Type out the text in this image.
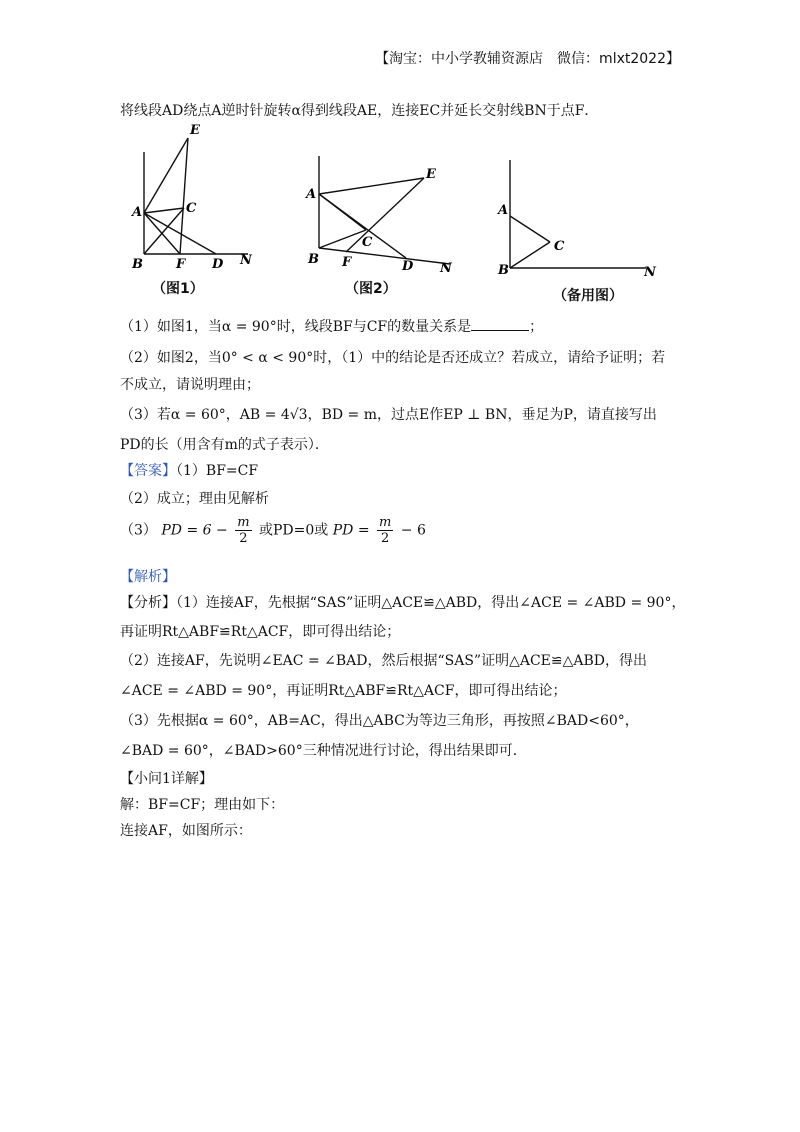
【淘宝：中小学教辅资源店　微信：mlxt2022】
将线段AD绕点A逆时针旋转α得到线段AE，连接EC并延长交射线BN于点F．
E
A	C
B	F D N
（图1）
E
A
C
B F	D N
（图2）
A
C
B	N
（备用图）
（1）如图1，当α = 90°时，线段BF与CF的数量关系是	；
（2）如图2，当0° < α < 90°时，（1）中的结论是否还成立？若成立，请给予证明；若
不成立，请说明理由；
（3）若α = 60°，AB = 4√3，BD = m，过点E作EP ⊥ BN，垂足为P，请直接写出
PD的长（用含有m的式子表示）．
【答案】（1）BF=CF
（2）成立；理由见解析
（3） PD = $6 - \frac{m}{2}$ 或PD=0或 PD = $\frac{m}{2} - 6$
【解析】
【分析】（1）连接AF，先根据“SAS”证明△ACE≌△ABD，得出∠ACE = ∠ABD = 90°，
再证明Rt△ABF≌Rt△ACF，即可得出结论；
（2）连接AF，先说明∠EAC = ∠BAD，然后根据“SAS”证明△ACE≌△ABD，得出
∠ACE = ∠ABD = 90°，再证明Rt△ABF≌Rt△ACF，即可得出结论；
（3）先根据α = 60°，AB=AC，得出△ABC为等边三角形，再按照∠BAD<60°，
∠BAD = 60°，∠BAD>60°三种情况进行讨论，得出结果即可．
【小问1详解】
解：BF=CF；理由如下：
连接AF，如图所示：
